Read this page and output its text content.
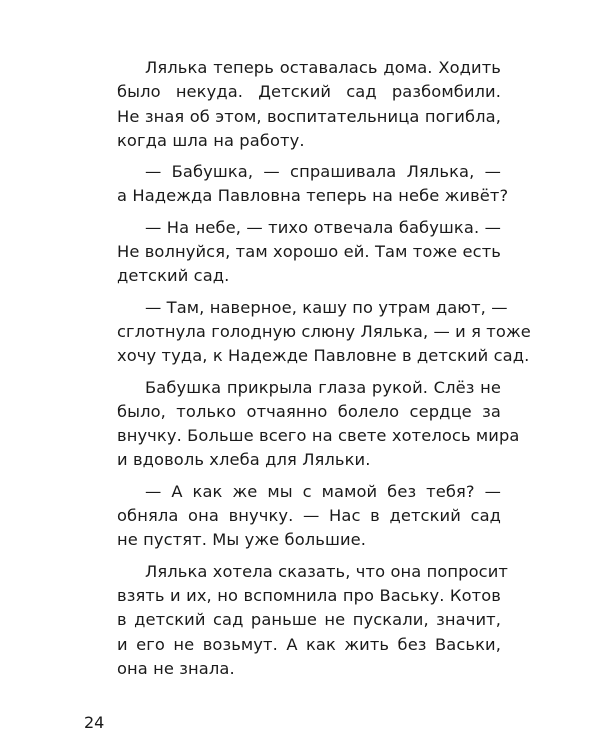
Лялька теперь оставалась дома. Ходить
было некуда. Детский сад разбомбили.
Не зная об этом, воспитательница погибла,
когда шла на работу.
— Бабушка, — спрашивала Лялька, —
а Надежда Павловна теперь на небе живёт?
— На небе, — тихо отвечала бабушка. —
Не волнуйся, там хорошо ей. Там тоже есть
детский сад.
— Там, наверное, кашу по утрам дают, —
сглотнула голодную слюну Лялька, — и я тоже
хочу туда, к Надежде Павловне в детский сад.
Бабушка прикрыла глаза рукой. Слёз не
было, только отчаянно болело сердце за
внучку. Больше всего на свете хотелось мира
и вдоволь хлеба для Ляльки.
— А как же мы с мамой без тебя? —
обняла она внучку. — Нас в детский сад
не пустят. Мы уже большие.
Лялька хотела сказать, что она попросит
взять и их, но вспомнила про Ваську. Котов
в детский сад раньше не пускали, значит,
и его не возьмут. А как жить без Васьки,
она не знала.
24
